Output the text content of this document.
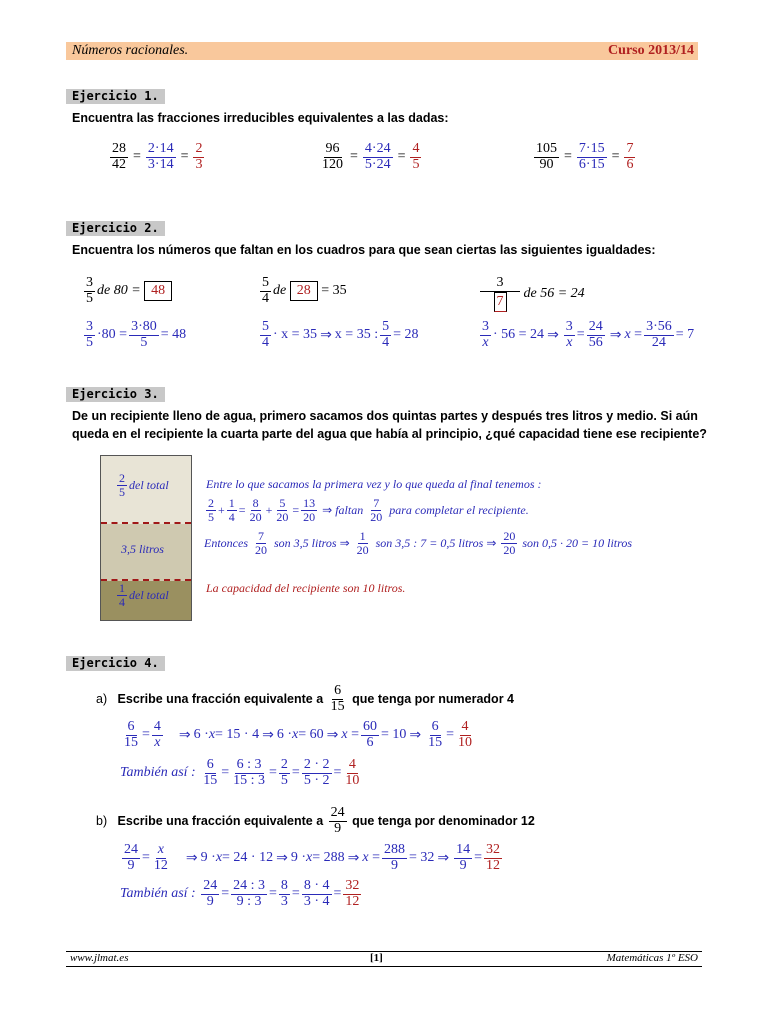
Números racionales.	Curso 2013/14
Ejercicio 1.
Encuentra las fracciones irreducibles equivalentes a las dadas:
$\frac{28}{42} = \frac{2\cdot 14}{3\cdot 14} = \frac{2}{3}$	$\frac{96}{120} = \frac{4\cdot 24}{5\cdot 24} = \frac{4}{5}$	$\frac{105}{90} = \frac{7\cdot 15}{6\cdot 15} = \frac{7}{6}$
Ejercicio 2.
Encuentra los números que faltan en los cuadros para que sean ciertas las siguientes igualdades:
3
5 de 80 =
48
3
$5 \cdot 80 = \frac{3\cdot 80}{5} = 48$
5
4 de
28
= 35
5
4 · x = 35 ⇒ x = 35 : $\frac{5}{4} = 28$
3
7

de 56 = 24
3
x · 56 = 24 ⇒
3
x =
24
56 ⇒ $x = \frac{3\cdot 56}{24} = 7$
Ejercicio 3.
De un recipiente lleno de agua, primero sacamos dos quintas partes y después tres litros y medio. Si aún
queda en el recipiente la cuarta parte del agua que había al principio, ¿qué capacidad tiene ese recipiente?
2
5 del total
3,5 litros
1
4 del total
Entre lo que sacamos la primera vez y lo que queda al final tenemos :
2
5 + 1
4 = 8
20 + 5
20 = 13
20 ⇒ faltan
7
20
para completar el recipiente.
Entonces
7
20
son 3,5 litros ⇒ 1
20
son 3,5 : 7 = 0,5 litros ⇒ 20
20
son 0,5 · 20 = 10 litros
La capacidad del recipiente son 10 litros.
Ejercicio 4.
a)
Escribe una fracción equivalente a

6
15
que tenga por numerador 4
6
15 =
4
x ⇒ 6 · x = 15 · 4 ⇒ 6 · x = 60 ⇒ x =
60
6 = 10 ⇒
6
15 =
4
10
También así :

6
15 =
6 : 3
15 : 3 =
2
5 =
2 · 2
5 · 2 =
4
10
b)
Escribe una fracción equivalente a

24
9
que tenga por denominador 12
24
9 =
x
12 ⇒ 9 · x = 24 · 12 ⇒ 9 · x = 288 ⇒ x =
288
9 = 32 ⇒
14
9 =
32
12
También así :

24
9 =
24 : 3
9 : 3 =
8
3 =
8 · 4
3 · 4 =
32
12
www.jlmat.es	[1]	Matemáticas 1º ESO
